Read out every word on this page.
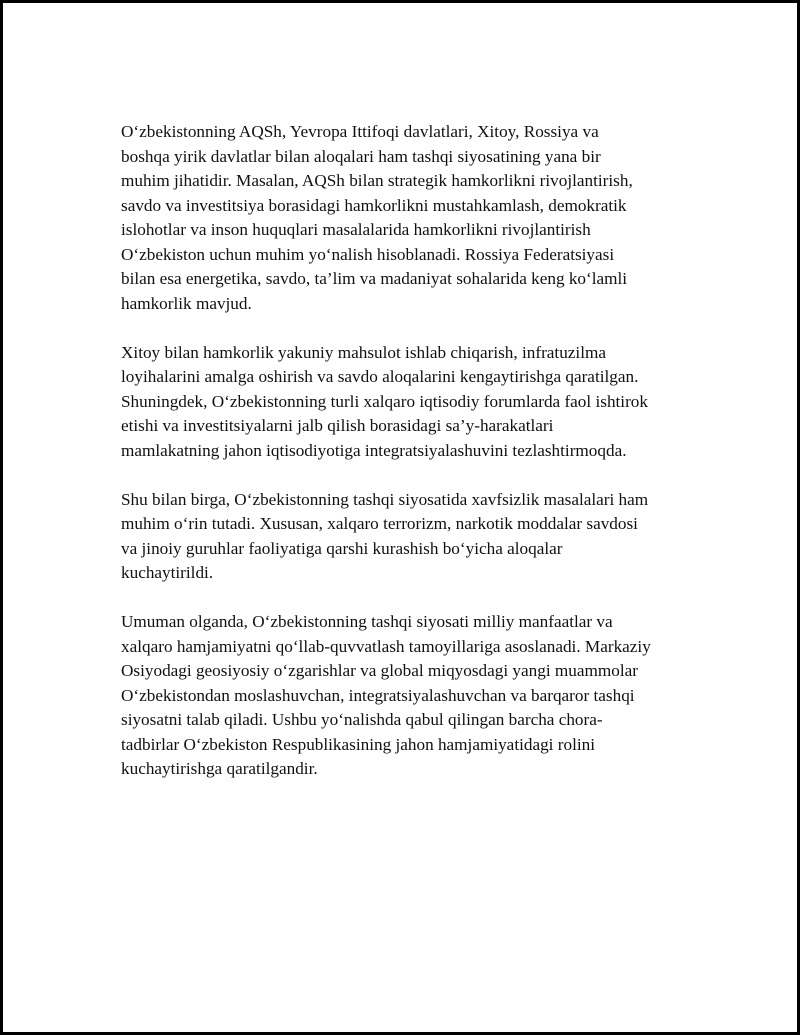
O‘zbekistonning AQSh, Yevropa Ittifoqi davlatlari, Xitoy, Rossiya va
boshqa yirik davlatlar bilan aloqalari ham tashqi siyosatining yana bir
muhim jihatidir. Masalan, AQSh bilan strategik hamkorlikni rivojlantirish,
savdo va investitsiya borasidagi hamkorlikni mustahkamlash, demokratik
islohotlar va inson huquqlari masalalarida hamkorlikni rivojlantirish
O‘zbekiston uchun muhim yo‘nalish hisoblanadi. Rossiya Federatsiyasi
bilan esa energetika, savdo, ta’lim va madaniyat sohalarida keng ko‘lamli
hamkorlik mavjud.

Xitoy bilan hamkorlik yakuniy mahsulot ishlab chiqarish, infratuzilma
loyihalarini amalga oshirish va savdo aloqalarini kengaytirishga qaratilgan.
Shuningdek, O‘zbekistonning turli xalqaro iqtisodiy forumlarda faol ishtirok
etishi va investitsiyalarni jalb qilish borasidagi sa’y-harakatlari
mamlakatning jahon iqtisodiyotiga integratsiyalashuvini tezlashtirmoqda.

Shu bilan birga, O‘zbekistonning tashqi siyosatida xavfsizlik masalalari ham
muhim o‘rin tutadi. Xususan, xalqaro terrorizm, narkotik moddalar savdosi
va jinoiy guruhlar faoliyatiga qarshi kurashish bo‘yicha aloqalar
kuchaytirildi.

Umuman olganda, O‘zbekistonning tashqi siyosati milliy manfaatlar va
xalqaro hamjamiyatni qo‘llab-quvvatlash tamoyillariga asoslanadi. Markaziy
Osiyodagi geosiyosiy o‘zgarishlar va global miqyosdagi yangi muammolar
O‘zbekistondan moslashuvchan, integratsiyalashuvchan va barqaror tashqi
siyosatni talab qiladi. Ushbu yo‘nalishda qabul qilingan barcha chora-
tadbirlar O‘zbekiston Respublikasining jahon hamjamiyatidagi rolini
kuchaytirishga qaratilgandir.
